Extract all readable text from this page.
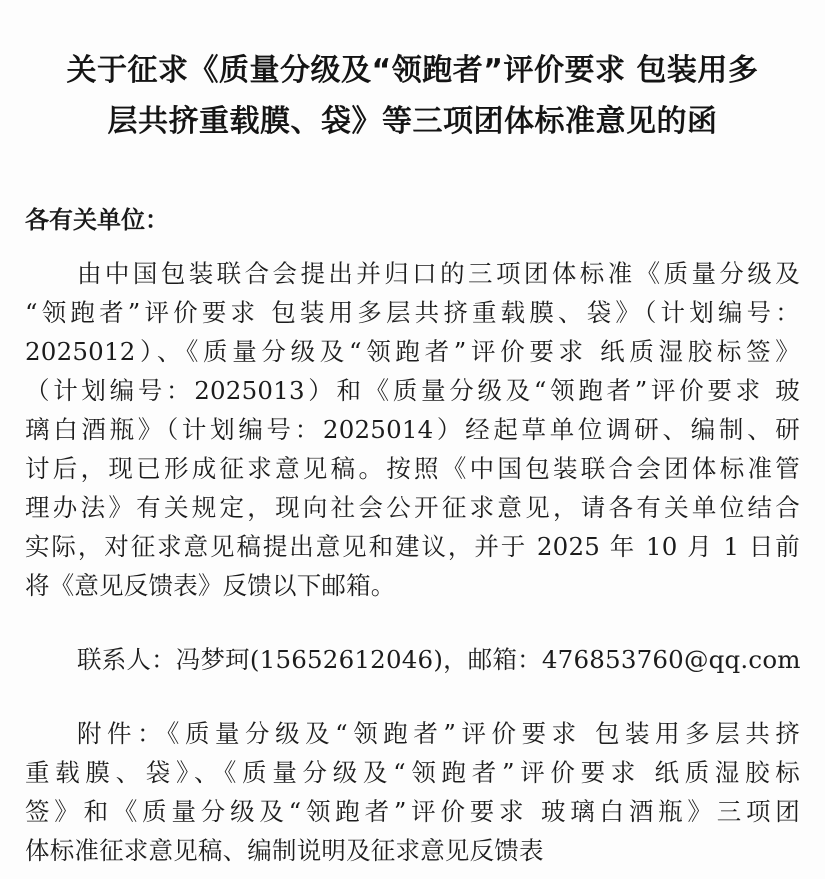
关于征求《质量分级及“领跑者”评价要求 包装用多
层共挤重载膜、袋》等三项团体标准意见的函
各有关单位：
由中国包装联合会提出并归口的三项团体标准《质量分级及
“领跑者”评价要求 包装用多层共挤重载膜、袋》（计划编号：
2025012）、《质量分级及“领跑者”评价要求 纸质湿胶标签》
（计划编号：2025013）和《质量分级及“领跑者”评价要求 玻
璃白酒瓶》（计划编号：2025014）经起草单位调研、编制、研
讨后，现已形成征求意见稿。按照《中国包装联合会团体标准管
理办法》有关规定，现向社会公开征求意见，请各有关单位结合
实际，对征求意见稿提出意见和建议，并于 2025 年 10 月 1 日前
将《意见反馈表》反馈以下邮箱。
联系人：冯梦珂(15652612046)，邮箱：476853760@qq.com
附件：《质量分级及“领跑者”评价要求 包装用多层共挤
重载膜、袋》、《质量分级及“领跑者”评价要求 纸质湿胶标
签》和《质量分级及“领跑者”评价要求 玻璃白酒瓶》三项团
体标准征求意见稿、编制说明及征求意见反馈表
